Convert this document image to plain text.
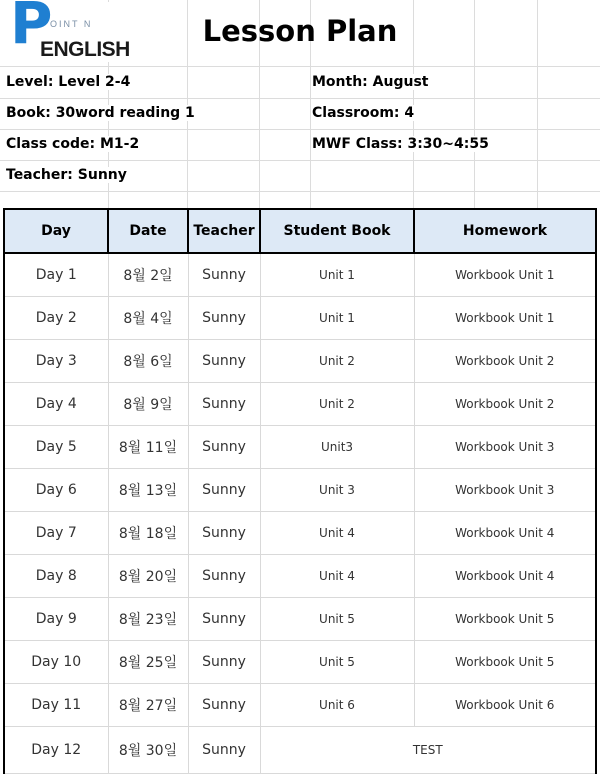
P
OINT N
ENGLISH
Lesson Plan
Level: Level 2-4	Month: August
Book: 30word reading 1	Classroom: 4
Class code: M1-2	MWF Class: 3:30~4:55
Teacher: Sunny
Day	Date	Teacher	Student Book	Homework
Day 1	8월 2일	Sunny	Unit 1	Workbook Unit 1
Day 2	8월 4일	Sunny	Unit 1	Workbook Unit 1
Day 3	8월 6일	Sunny	Unit 2	Workbook Unit 2
Day 4	8월 9일	Sunny	Unit 2	Workbook Unit 2
Day 5	8월 11일	Sunny	Unit3	Workbook Unit 3
Day 6	8월 13일	Sunny	Unit 3	Workbook Unit 3
Day 7	8월 18일	Sunny	Unit 4	Workbook Unit 4
Day 8	8월 20일	Sunny	Unit 4	Workbook Unit 4
Day 9	8월 23일	Sunny	Unit 5	Workbook Unit 5
Day 10	8월 25일	Sunny	Unit 5	Workbook Unit 5
Day 11	8월 27일	Sunny	Unit 6	Workbook Unit 6
Day 12	8월 30일	Sunny	TEST	
